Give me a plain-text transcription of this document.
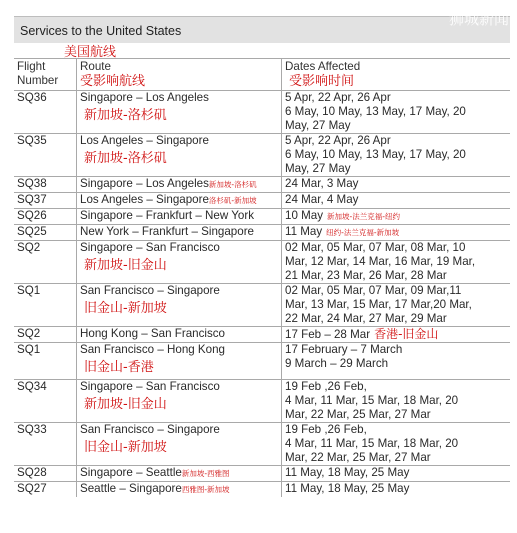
Services to the United States
狮城新闻
美国航线
Flight
Number	Route
受影响航线	Dates Affected
受影响时间

SQ36	Singapore – Los Angeles
新加坡-洛杉矶	5 Apr, 22 Apr, 26 Apr
6 May, 10 May, 13 May, 17 May, 20
May, 27 May
SQ35	Los Angeles – Singapore
新加坡-洛杉矶	5 Apr, 22 Apr, 26 Apr
6 May, 10 May, 13 May, 17 May, 20
May, 27 May
SQ38	Singapore – Los Angeles新加坡-洛杉矶	24 Mar, 3 May
SQ37	Los Angeles – Singapore洛杉矶-新加坡	24 Mar, 4 May
SQ26	Singapore – Frankfurt – New York	10 May 新加坡-法兰克福-纽约
SQ25	New York – Frankfurt – Singapore	11 May 纽约-法兰克福-新加坡
SQ2	Singapore – San Francisco
新加坡-旧金山	02 Mar, 05 Mar, 07 Mar, 08 Mar, 10
Mar, 12 Mar, 14 Mar, 16 Mar, 19 Mar,
21 Mar, 23 Mar, 26 Mar, 28 Mar
SQ1	San Francisco – Singapore
旧金山-新加坡	02 Mar, 05 Mar, 07 Mar, 09 Mar,11
Mar, 13 Mar, 15 Mar, 17 Mar,20 Mar,
22 Mar, 24 Mar, 27 Mar, 29 Mar
SQ2	Hong Kong – San Francisco	17 Feb – 28 Mar 香港-旧金山
SQ1	San Francisco – Hong Kong
旧金山-香港	17 February – 7 March
9 March – 29 March
SQ34	Singapore – San Francisco
新加坡-旧金山	19 Feb ,26 Feb,
4 Mar, 11 Mar, 15 Mar, 18 Mar, 20
Mar, 22 Mar, 25 Mar, 27 Mar
SQ33	San Francisco – Singapore
旧金山-新加坡	19 Feb ,26 Feb,
4 Mar, 11 Mar, 15 Mar, 18 Mar, 20
Mar, 22 Mar, 25 Mar, 27 Mar
SQ28	Singapore – Seattle新加坡-西雅图	11 May, 18 May, 25 May
SQ27	Seattle – Singapore西雅图-新加坡	11 May, 18 May, 25 May
